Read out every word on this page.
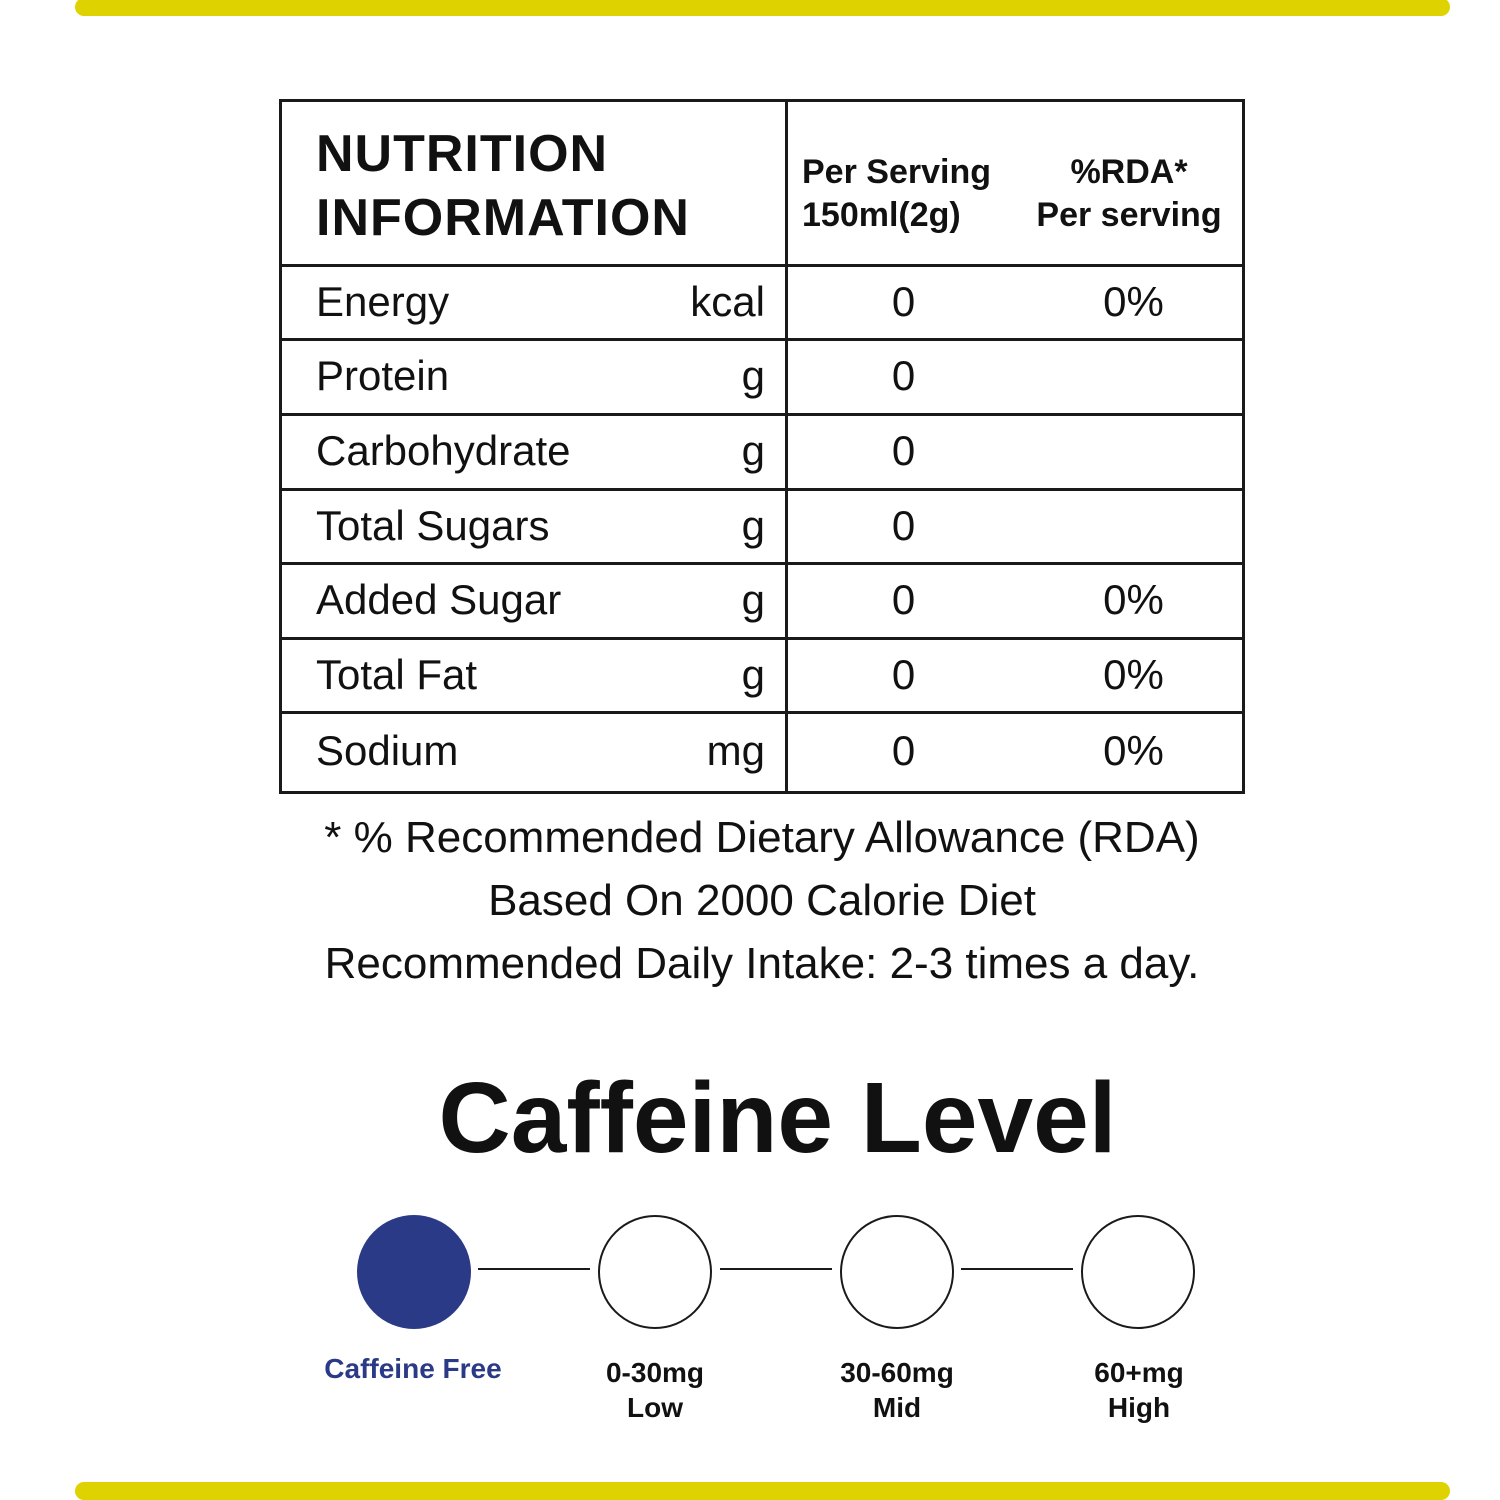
NUTRITION
INFORMATION
Per Serving
150ml(2g)
%RDA*
Per serving
Energy	kcal	0	0%
Protein	g	0
Carbohydrate	g	0
Total Sugars	g	0
Added Sugar	g	0	0%
Total Fat	g	0	0%
Sodium	mg	0	0%
* % Recommended Dietary Allowance (RDA)
Based On 2000 Calorie Diet
Recommended Daily Intake: 2-3 times a day.
Caffeine Level
Caffeine Free	0-30mg
Low
30-60mg
Mid
60+mg
High
